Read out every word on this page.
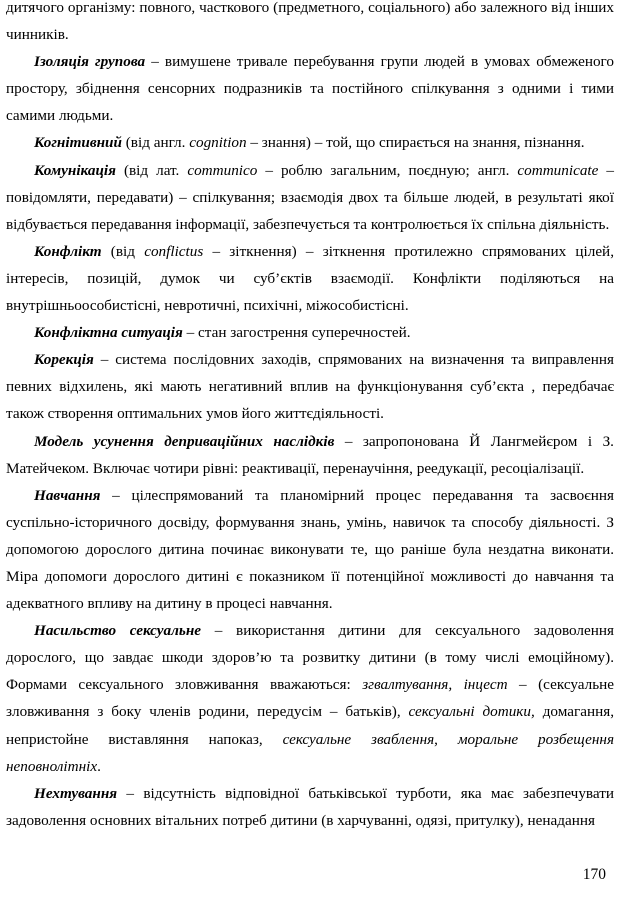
дитячого організму: повного, часткового (предметного, соціального) або залежного від інших чинників.

Ізоляція групова – вимушене тривале перебування групи людей в умовах обмеженого простору, збіднення сенсорних подразників та постійного спілкування з одними і тими самими людьми.

Когнітивний (від англ. cognition – знання) – той, що спирається на знання, пізнання.

Комунікація (від лат. communico – роблю загальним, поєдную; англ. communicate – повідомляти, передавати) – спілкування; взаємодія двох та більше людей, в результаті якої відбувається передавання інформації, забезпечується та контролюється їх спільна діяльність.

Конфлікт (від conflictus – зіткнення) – зіткнення протилежно спрямованих цілей, інтересів, позицій, думок чи суб’єктів взаємодії. Конфлікти поділяються на внутрішньоособистісні, невротичні, психічні, міжособистісні.

Конфліктна ситуація – стан загострення суперечностей.

Корекція – система послідовних заходів, спрямованих на визначення та виправлення певних відхилень, які мають негативний вплив на функціонування суб’єкта , передбачає також створення оптимальних умов його життєдіяльності.

Модель усунення деприваційних наслідків – запропонована Й Лангмейєром і З. Матейчеком. Включає чотири рівні: реактивації, перенаучіння, реедукації, ресоціалізації.

Навчання – цілеспрямований та планомірний процес передавання та засвоєння суспільно-історичного досвіду, формування знань, умінь, навичок та способу діяльності. З допомогою дорослого дитина починає виконувати те, що раніше була нездатна виконати. Міра допомоги дорослого дитині є показником її потенційної можливості до навчання та адекватного впливу на дитину в процесі навчання.

Насильство сексуальне – використання дитини для сексуального задоволення дорослого, що завдає шкоди здоров’ю та розвитку дитини (в тому числі емоційному). Формами сексуального зловживання вважаються: згвалтування, інцест – (сексуальне зловживання з боку членів родини, передусім – батьків), сексуальні дотики, домагання, непристойне виставляння напоказ, сексуальне зваблення, моральне розбещення неповнолітніх.

Нехтування – відсутність відповідної батьківської турботи, яка має забезпечувати задоволення основних вітальних потреб дитини (в харчуванні, одязі, притулку), ненадання

170
